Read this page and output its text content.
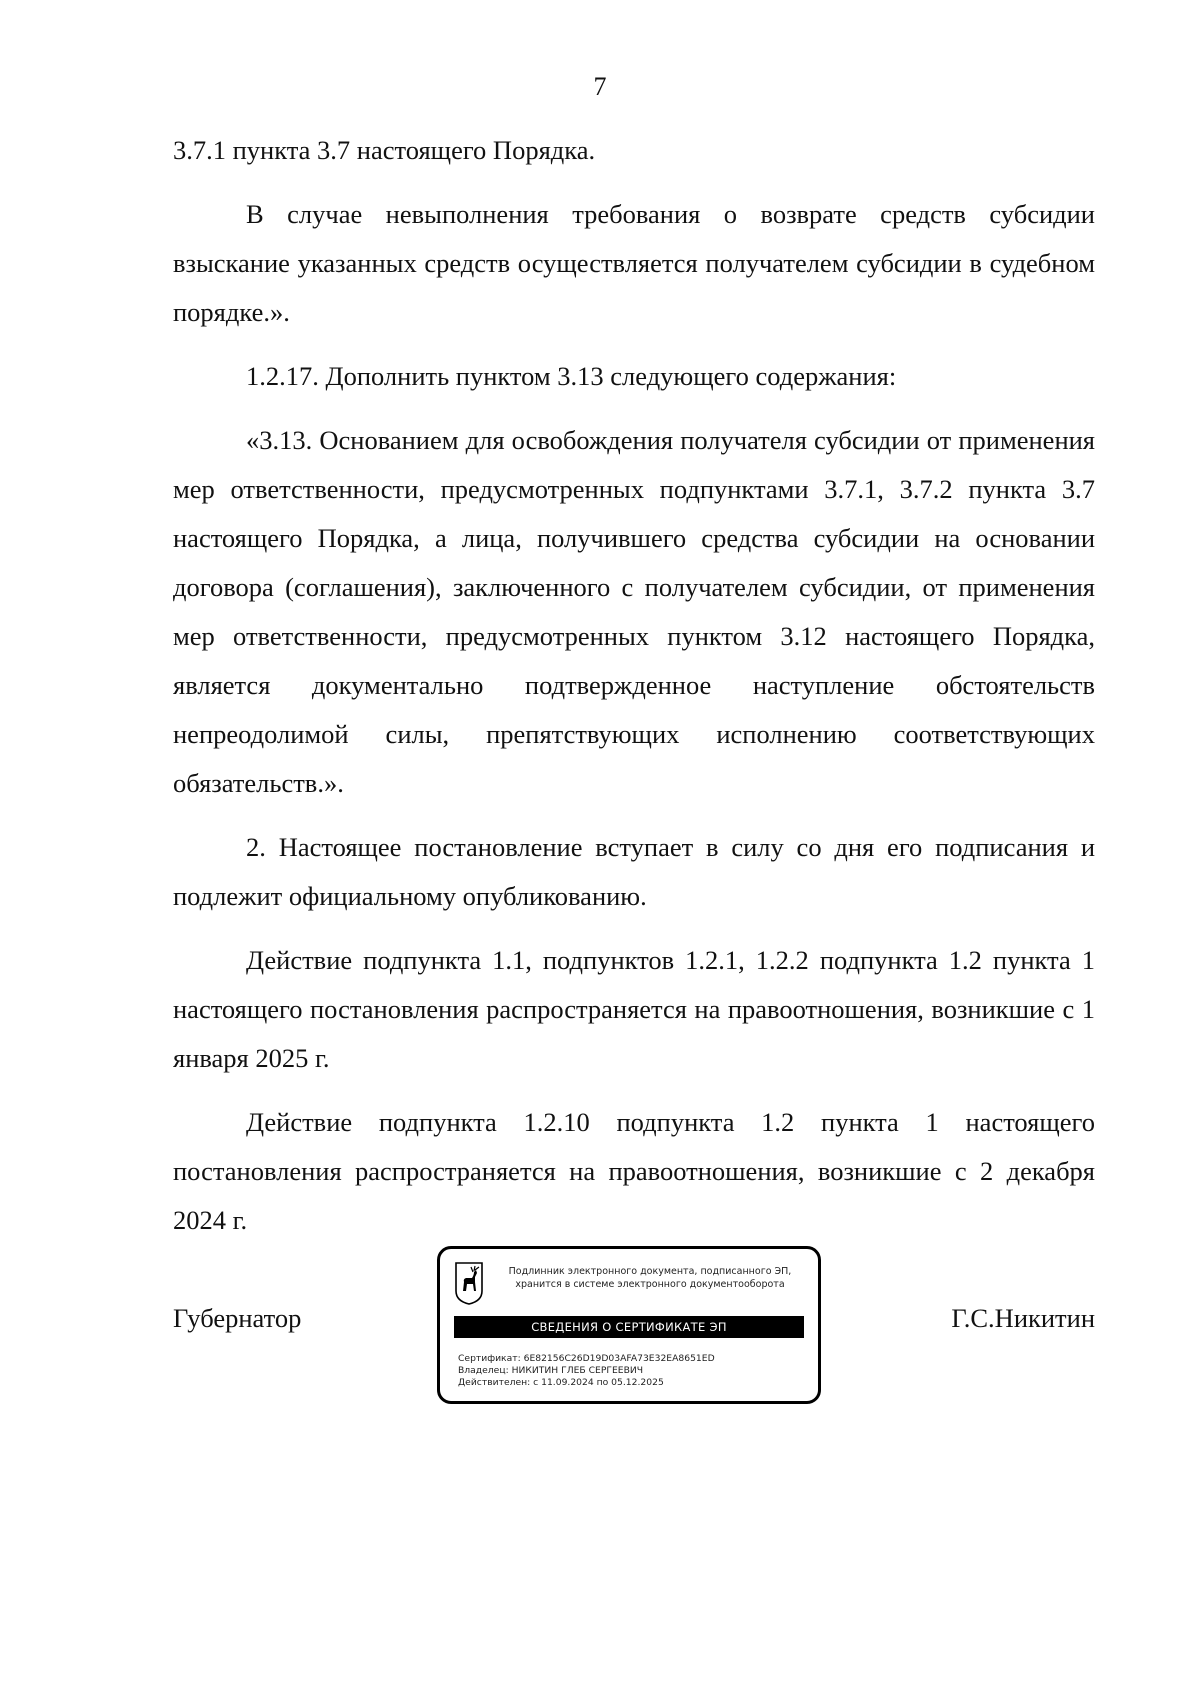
7

3.7.1 пункта 3.7 настоящего Порядка.

В случае невыполнения требования о возврате средств субсидии взыскание указанных средств осуществляется получателем субсидии в судебном порядке.».

1.2.17. Дополнить пунктом 3.13 следующего содержания:

«3.13. Основанием для освобождения получателя субсидии от применения мер ответственности, предусмотренных подпунктами 3.7.1, 3.7.2 пункта 3.7 настоящего Порядка, а лица, получившего средства субсидии на основании договора (соглашения), заключенного с получателем субсидии, от применения мер ответственности, предусмотренных пунктом 3.12 настоящего Порядка, является документально подтвержденное наступление обстоятельств непреодолимой силы, препятствующих исполнению соответствующих обязательств.».

2. Настоящее постановление вступает в силу со дня его подписания и подлежит официальному опубликованию.

Действие подпункта 1.1, подпунктов 1.2.1, 1.2.2 подпункта 1.2 пункта 1 настоящего постановления распространяется на правоотношения, возникшие с 1 января 2025 г.

Действие подпункта 1.2.10 подпункта 1.2 пункта 1 настоящего постановления распространяется на правоотношения, возникшие с 2 декабря 2024 г.

Губернатор	Г.С.Никитин
Подлинник электронного документа, подписанного ЭП,
хранится в системе электронного документооборота
СВЕДЕНИЯ О СЕРТИФИКАТЕ ЭП
Сертификат: 6E82156C26D19D03AFA73E32EA8651ED
Владелец: НИКИТИН ГЛЕБ СЕРГЕЕВИЧ
Действителен: с 11.09.2024 по 05.12.2025
